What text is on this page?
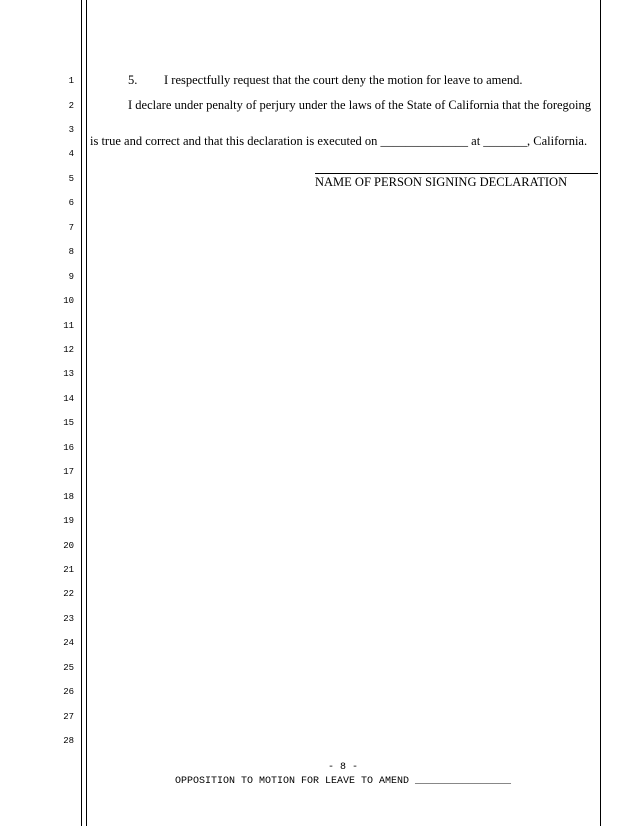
1
2
3
4
5
6
7
8
9
10
11
12
13
14
15
16
17
18
19
20
21
22
23
24
25
26
27
28
5. I respectfully request that the court deny the motion for leave to amend.
I declare under penalty of perjury under the laws of the State of California that the foregoing
is true and correct and that this declaration is executed on ______________ at _______, California.
NAME OF PERSON SIGNING DECLARATION
- 8 -
OPPOSITION TO MOTION FOR LEAVE TO AMEND ________________
